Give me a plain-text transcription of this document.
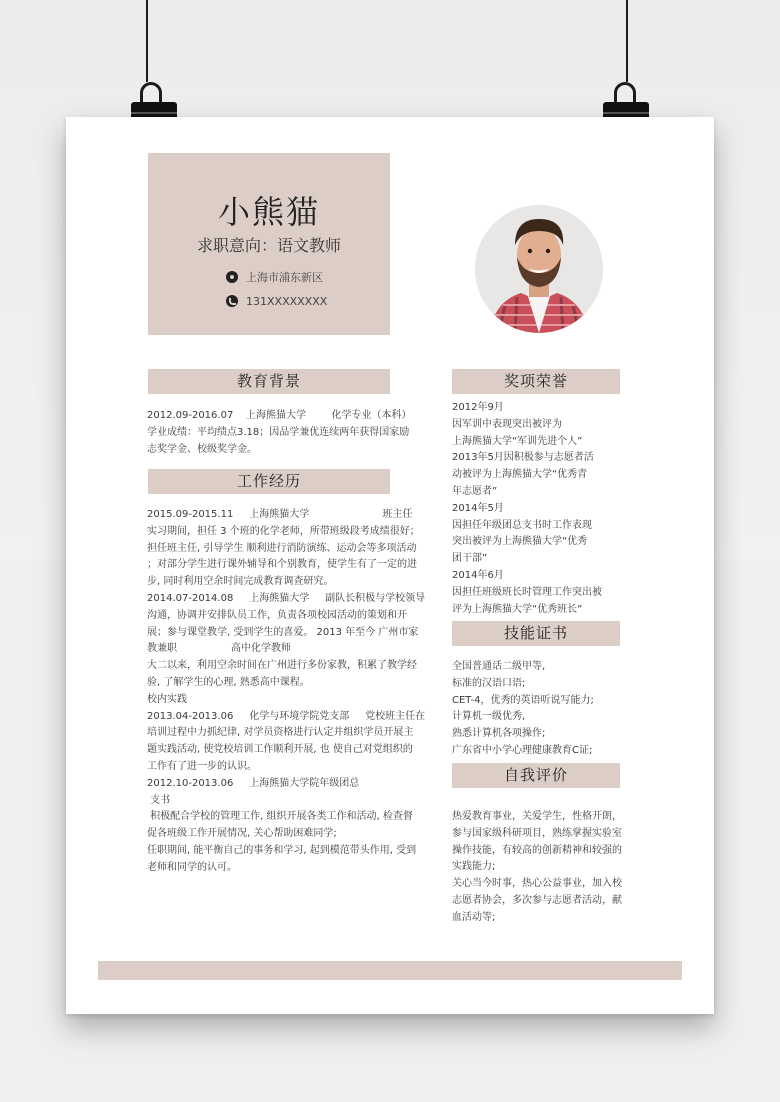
小熊猫
求职意向：语文教师
上海市浦东新区
131XXXXXXXX
教育背景
2012.09-2016.07    上海熊猫大学        化学专业（本科）
学业成绩：平均绩点3.18；因品学兼优连续两年获得国家励
志奖学金、校级奖学金。
工作经历
2015.09-2015.11     上海熊猫大学                       班主任
实习期间，担任 3 个班的化学老师，所带班级段考成绩很好；
担任班主任, 引导学生 顺利进行消防演练、运动会等多项活动
；对部分学生进行课外辅导和个别教育，使学生有了一定的进
步, 同时利用空余时间完成教育调查研究。
2014.07-2014.08     上海熊猫大学     副队长积极与学校领导
沟通，协调并安排队员工作，负责各项校园活动的策划和开
展；参与课堂教学, 受到学生的喜爱。 2013 年至今 广州市家
教兼职                 高中化学教师
大二以来，利用空余时间在广州进行多份家教，积累了教学经
验, 了解学生的心理, 熟悉高中课程。
校内实践
2013.04-2013.06     化学与环境学院党支部     党校班主任在
培训过程中力抓纪律, 对学员资格进行认定并组织学员开展主
题实践活动, 使党校培训工作顺利开展, 也 使自己对党组织的
工作有了进一步的认识。
2012.10-2013.06     上海熊猫大学院年级团总
支书
积极配合学校的管理工作, 组织开展各类工作和活动, 检查督
促各班级工作开展情况, 关心帮助困难同学;
任职期间, 能平衡自己的事务和学习, 起到模范带头作用, 受到
老师和同学的认可。
奖项荣誉
2012年9月
因军训中表现突出被评为
上海熊猫大学“军训先进个人”
2013年5月因积极参与志愿者活
动被评为上海熊猫大学“优秀青
年志愿者”
2014年5月
因担任年级团总支书时工作表现
突出被评为上海熊猫大学“优秀
团干部”
2014年6月
因担任班级班长时管理工作突出被
评为上海熊猫大学“优秀班长”
技能证书
全国普通话二级甲等,
标准的汉语口语;
CET-4，优秀的英语听说写能力;
计算机一级优秀,
熟悉计算机各项操作;
广东省中小学心理健康教育C证;
自我评价
热爱教育事业，关爱学生，性格开朗，
参与国家级科研项目，熟练掌握实验室
操作技能，有较高的创新精神和较强的
实践能力;
关心当今时事，热心公益事业，加入校
志愿者协会，多次参与志愿者活动，献
血活动等;
